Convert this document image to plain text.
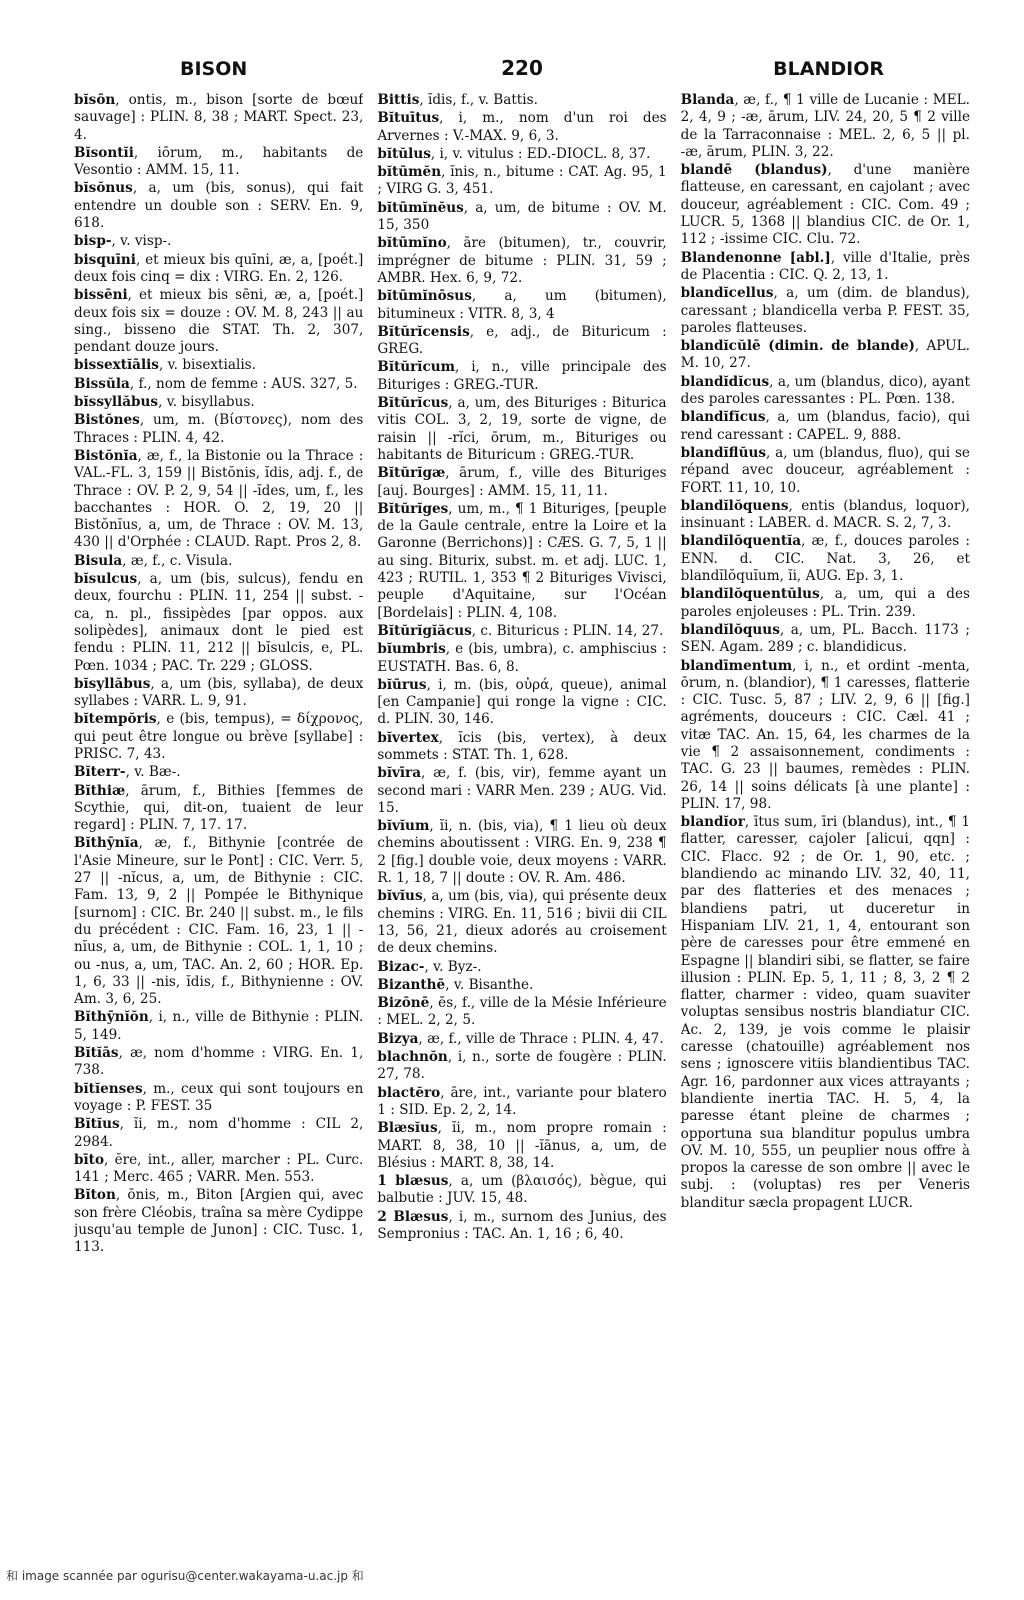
BISON	220	BLANDIOR
bĭsōn, ontis, m., bison [sorte de bœuf sauvage] : PLIN. 8, 38 ; MART. Spect. 23, 4.
Bĭsontĭi, iōrum, m., habitants de Vesontio : AMM. 15, 11.
bĭsŏnus, a, um (bis, sonus), qui fait entendre un double son : SERV. En. 9, 618.
bisp-, v. visp-.
bisquīni, et mieux bis quīni, æ, a, [poét.] deux fois cinq = dix : VIRG. En. 2, 126.
bissēni, et mieux bis sēni, æ, a, [poét.] deux fois six = douze : OV. M. 8, 243 || au sing., bisseno die STAT. Th. 2, 307, pendant douze jours.
bissextĭālis, v. bisextialis.
Bissŭla, f., nom de femme : AUS. 327, 5.
bĭssyllăbus, v. bisyllabus.
Bistŏnes, um, m. (Βίστονες), nom des Thraces : PLIN. 4, 42.
Bistŏnĭa, æ, f., la Bistonie ou la Thrace : VAL.-FL. 3, 159 || Bistŏnis, ĭdis, adj. f., de Thrace : OV. P. 2, 9, 54 || -ĭdes, um, f., les bacchantes : HOR. O. 2, 19, 20 || Bistŏnĭus, a, um, de Thrace : OV. M. 13, 430 || d'Orphée : CLAUD. Rapt. Pros 2, 8.
Bisula, æ, f., c. Visula.
bĭsulcus, a, um (bis, sulcus), fendu en deux, fourchu : PLIN. 11, 254 || subst. -ca, n. pl., fissipèdes [par oppos. aux solipèdes], animaux dont le pied est fendu : PLIN. 11, 212 || bĭsulcis, e, PL. Pœn. 1034 ; PAC. Tr. 229 ; GLOSS.
bĭsyllăbus, a, um (bis, syllaba), de deux syllabes : VARR. L. 9, 91.
bĭtempŏris, e (bis, tempus), = δίχρονος, qui peut être longue ou brève [syllabe] : PRISC. 7, 43.
Bĭterr-, v. Bæ-.
Bĭthiæ, ārum, f., Bithies [femmes de Scythie, qui, dit-on, tuaient de leur regard] : PLIN. 7, 17. 17.
Bĭthȳnĭa, æ, f., Bithynie [contrée de l'Asie Mineure, sur le Pont] : CIC. Verr. 5, 27 || -nĭcus, a, um, de Bithynie : CIC. Fam. 13, 9, 2 || Pompée le Bithynique [surnom] : CIC. Br. 240 || subst. m., le fils du précédent : CIC. Fam. 16, 23, 1 || -nĭus, a, um, de Bithynie : COL. 1, 1, 10 ; ou -nus, a, um, TAC. An. 2, 60 ; HOR. Ep. 1, 6, 33 || -nis, ĭdis, f., Bithynienne : OV. Am. 3, 6, 25.
Bĭthȳnĭŏn, i, n., ville de Bithynie : PLIN. 5, 149.
Bĭtĭās, æ, nom d'homme : VIRG. En. 1, 738.
bĭtĭenses, m., ceux qui sont toujours en voyage : P. FEST. 35
Bĭtĭus, ĭi, m., nom d'homme : CIL 2, 2984.
bīto, ĕre, int., aller, marcher : PL. Curc. 141 ; Merc. 465 ; VARR. Men. 553.
Bĭton, ōnis, m., Biton [Argien qui, avec son frère Cléobis, traîna sa mère Cydippe jusqu'au temple de Junon] : CIC. Tusc. 1, 113.
Bittis, ĭdis, f., v. Battis.
Bĭtuītus, i, m., nom d'un roi des Arvernes : V.-MAX. 9, 6, 3.
bĭtŭlus, i, v. vitulus : ED.-DIOCL. 8, 37.
bĭtūmĕn, ĭnis, n., bitume : CAT. Ag. 95, 1 ; VIRG G. 3, 451.
bĭtūmĭnĕus, a, um, de bitume : OV. M. 15, 350
bĭtūmĭno, āre (bitumen), tr., couvrir, imprégner de bitume : PLIN. 31, 59 ; AMBR. Hex. 6, 9, 72.
bĭtūmĭnōsus, a, um (bitumen), bitumineux : VITR. 8, 3, 4
Bĭtŭrĭcensis, e, adj., de Bituricum : GREG.
Bĭtŭrĭcum, i, n., ville principale des Bituriges : GREG.-TUR.
Bĭtŭrĭcus, a, um, des Bituriges : Biturica vitis COL. 3, 2, 19, sorte de vigne, de raisin || -rĭci, ōrum, m., Bituriges ou habitants de Bituricum : GREG.-TUR.
Bĭtŭrĭgæ, ārum, f., ville des Bituriges [auj. Bourges] : AMM. 15, 11, 11.
Bĭtŭrĭges, um, m., ¶ 1 Bituriges, [peuple de la Gaule centrale, entre la Loire et la Garonne (Berrichons)] : CÆS. G. 7, 5, 1 || au sing. Biturix, subst. m. et adj. LUC. 1, 423 ; RUTIL. 1, 353 ¶ 2 Bituriges Vivisci, peuple d'Aquitaine, sur l'Océan [Bordelais] : PLIN. 4, 108.
Bĭtŭrĭgĭăcus, c. Bituricus : PLIN. 14, 27.
bĭumbris, e (bis, umbra), c. amphiscius : EUSTATH. Bas. 6, 8.
bĭūrus, i, m. (bis, οὐρά, queue), animal [en Campanie] qui ronge la vigne : CIC. d. PLIN. 30, 146.
bĭvertex, ĭcis (bis, vertex), à deux sommets : STAT. Th. 1, 628.
bĭvīra, æ, f. (bis, vir), femme ayant un second mari : VARR Men. 239 ; AUG. Vid. 15.
bĭvĭum, ĭi, n. (bis, via), ¶ 1 lieu où deux chemins aboutissent : VIRG. En. 9, 238 ¶ 2 [fig.] double voie, deux moyens : VARR. R. 1, 18, 7 || doute : OV. R. Am. 486.
bĭvĭus, a, um (bis, via), qui présente deux chemins : VIRG. En. 11, 516 ; bivii dii CIL 13, 56, 21, dieux adorés au croisement de deux chemins.
Bizac-, v. Byz-.
Bizanthē, v. Bisanthe.
Bizōnē, ēs, f., ville de la Mésie Inférieure : MEL. 2, 2, 5.
Bizya, æ, f., ville de Thrace : PLIN. 4, 47.
blachnŏn, i, n., sorte de fougère : PLIN. 27, 78.
blactĕro, āre, int., variante pour blatero 1 : SID. Ep. 2, 2, 14.
Blæsĭus, ĭi, m., nom propre romain : MART. 8, 38, 10 || -ĭānus, a, um, de Blésius : MART. 8, 38, 14.
1 blæsus, a, um (βλαισός), bègue, qui balbutie : JUV. 15, 48.
2 Blæsus, i, m., surnom des Junius, des Sempronius : TAC. An. 1, 16 ; 6, 40.
Blanda, æ, f., ¶ 1 ville de Lucanie : MEL. 2, 4, 9 ; -æ, ārum, LIV. 24, 20, 5 ¶ 2 ville de la Tarraconnaise : MEL. 2, 6, 5 || pl. -æ, ārum, PLIN. 3, 22.
blandē (blandus), d'une manière flatteuse, en caressant, en cajolant ; avec douceur, agréablement : CIC. Com. 49 ; LUCR. 5, 1368 || blandius CIC. de Or. 1, 112 ; -issime CIC. Clu. 72.
Blandenonne [abl.], ville d'Italie, près de Placentia : CIC. Q. 2, 13, 1.
blandĭcellus, a, um (dim. de blandus), caressant ; blandicella verba P. FEST. 35, paroles flatteuses.
blandĭcŭlē (dimin. de blande), APUL. M. 10, 27.
blandĭdĭcus, a, um (blandus, dico), ayant des paroles caressantes : PL. Pœn. 138.
blandĭfĭcus, a, um (blandus, facio), qui rend caressant : CAPEL. 9, 888.
blandĭflŭus, a, um (blandus, fluo), qui se répand avec douceur, agréablement : FORT. 11, 10, 10.
blandĭlŏquens, entis (blandus, loquor), insinuant : LABER. d. MACR. S. 2, 7, 3.
blandĭlŏquentĭa, æ, f., douces paroles : ENN. d. CIC. Nat. 3, 26, et blandĭlŏquĭum, ĭi, AUG. Ep. 3, 1.
blandĭlŏquentŭlus, a, um, qui a des paroles enjoleuses : PL. Trin. 239.
blandĭlŏquus, a, um, PL. Bacch. 1173 ; SEN. Agam. 289 ; c. blandidicus.
blandīmentum, i, n., et ordint -menta, ōrum, n. (blandior), ¶ 1 caresses, flatterie : CIC. Tusc. 5, 87 ; LIV. 2, 9, 6 || [fig.] agréments, douceurs : CIC. Cæl. 41 ; vitæ TAC. An. 15, 64, les charmes de la vie ¶ 2 assaisonnement, condiments : TAC. G. 23 || baumes, remèdes : PLIN. 26, 14 || soins délicats [à une plante] : PLIN. 17, 98.
blandĭor, ītus sum, īri (blandus), int., ¶ 1 flatter, caresser, cajoler [alicui, qqn] : CIC. Flacc. 92 ; de Or. 1, 90, etc. ; blandiendo ac minando LIV. 32, 40, 11, par des flatteries et des menaces ; blandiens patri, ut duceretur in Hispaniam LIV. 21, 1, 4, entourant son père de caresses pour être emmené en Espagne || blandiri sibi, se flatter, se faire illusion : PLIN. Ep. 5, 1, 11 ; 8, 3, 2 ¶ 2 flatter, charmer : video, quam suaviter voluptas sensibus nostris blandiatur CIC. Ac. 2, 139, je vois comme le plaisir caresse (chatouille) agréablement nos sens ; ignoscere vitiis blandientibus TAC. Agr. 16, pardonner aux vices attrayants ; blandiente inertia TAC. H. 5, 4, la paresse étant pleine de charmes ; opportuna sua blanditur populus umbra OV. M. 10, 555, un peuplier nous offre à propos la caresse de son ombre || avec le subj. : (voluptas) res per Veneris blanditur sæcla propagent LUCR.
和 image scannée par ogurisu@center.wakayama-u.ac.jp 和
